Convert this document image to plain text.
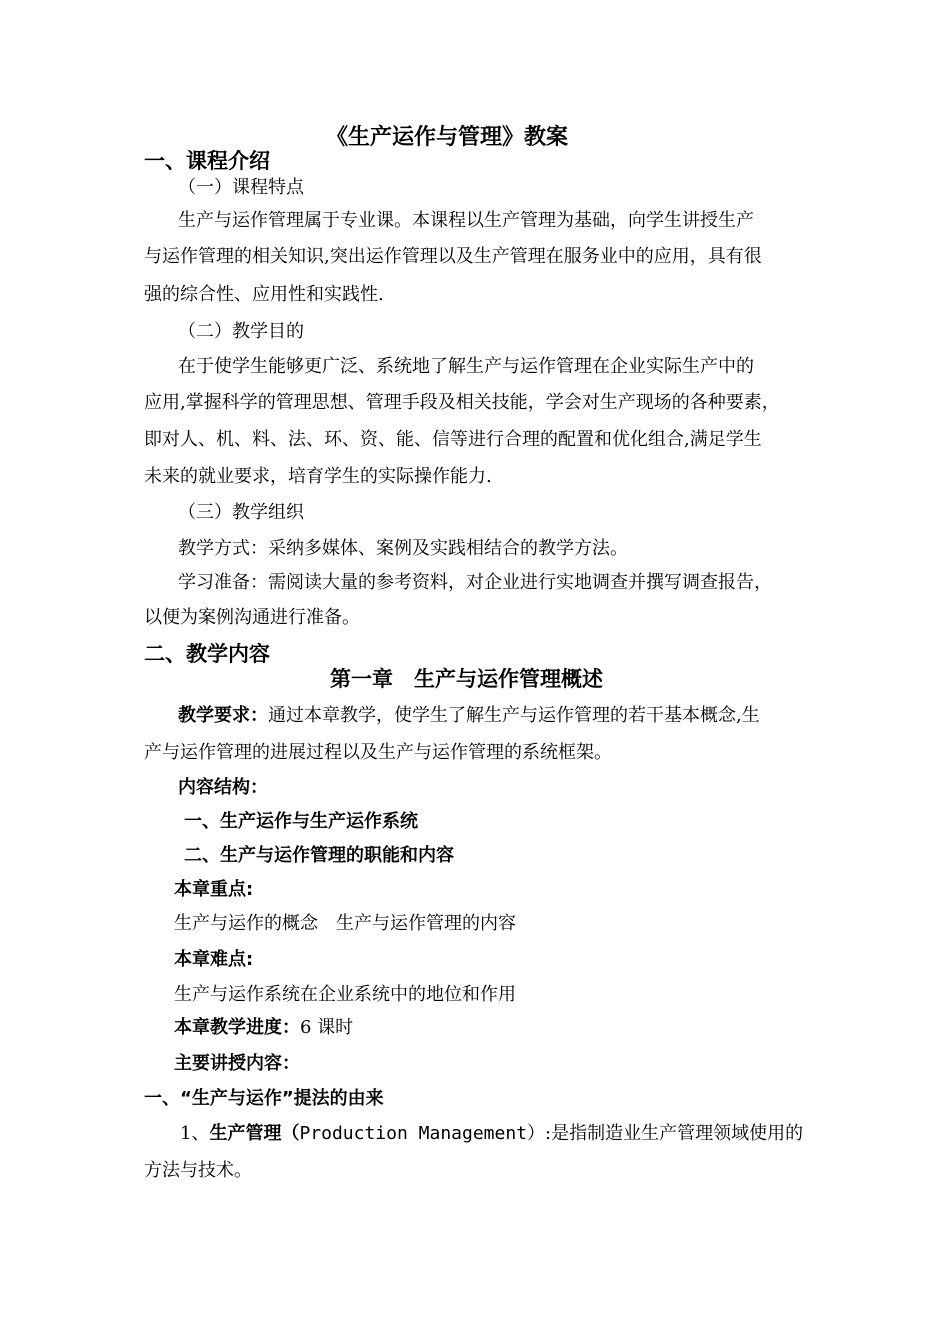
《生产运作与管理》教案
一、课程介绍
（一）课程特点
生产与运作管理属于专业课。本课程以生产管理为基础，向学生讲授生产
与运作管理的相关知识,突出运作管理以及生产管理在服务业中的应用，具有很
强的综合性、应用性和实践性.
（二）教学目的
在于使学生能够更广泛、系统地了解生产与运作管理在企业实际生产中的
应用,掌握科学的管理思想、管理手段及相关技能，学会对生产现场的各种要素，
即对人、机、料、法、环、资、能、信等进行合理的配置和优化组合,满足学生
未来的就业要求，培育学生的实际操作能力.
（三）教学组织
教学方式：采纳多媒体、案例及实践相结合的教学方法。
学习准备：需阅读大量的参考资料，对企业进行实地调查并撰写调查报告，
以便为案例沟通进行准备。
二、教学内容
第一章　生产与运作管理概述
教学要求：通过本章教学，使学生了解生产与运作管理的若干基本概念,生
产与运作管理的进展过程以及生产与运作管理的系统框架。
内容结构：
一、生产运作与生产运作系统
二、生产与运作管理的职能和内容
本章重点:
生产与运作的概念　生产与运作管理的内容
本章难点:
生产与运作系统在企业系统中的地位和作用
本章教学进度：6 课时
主要讲授内容：
一、“生产与运作”提法的由来
1、生产管理（Production Management）:是指制造业生产管理领域使用的
方法与技术。
